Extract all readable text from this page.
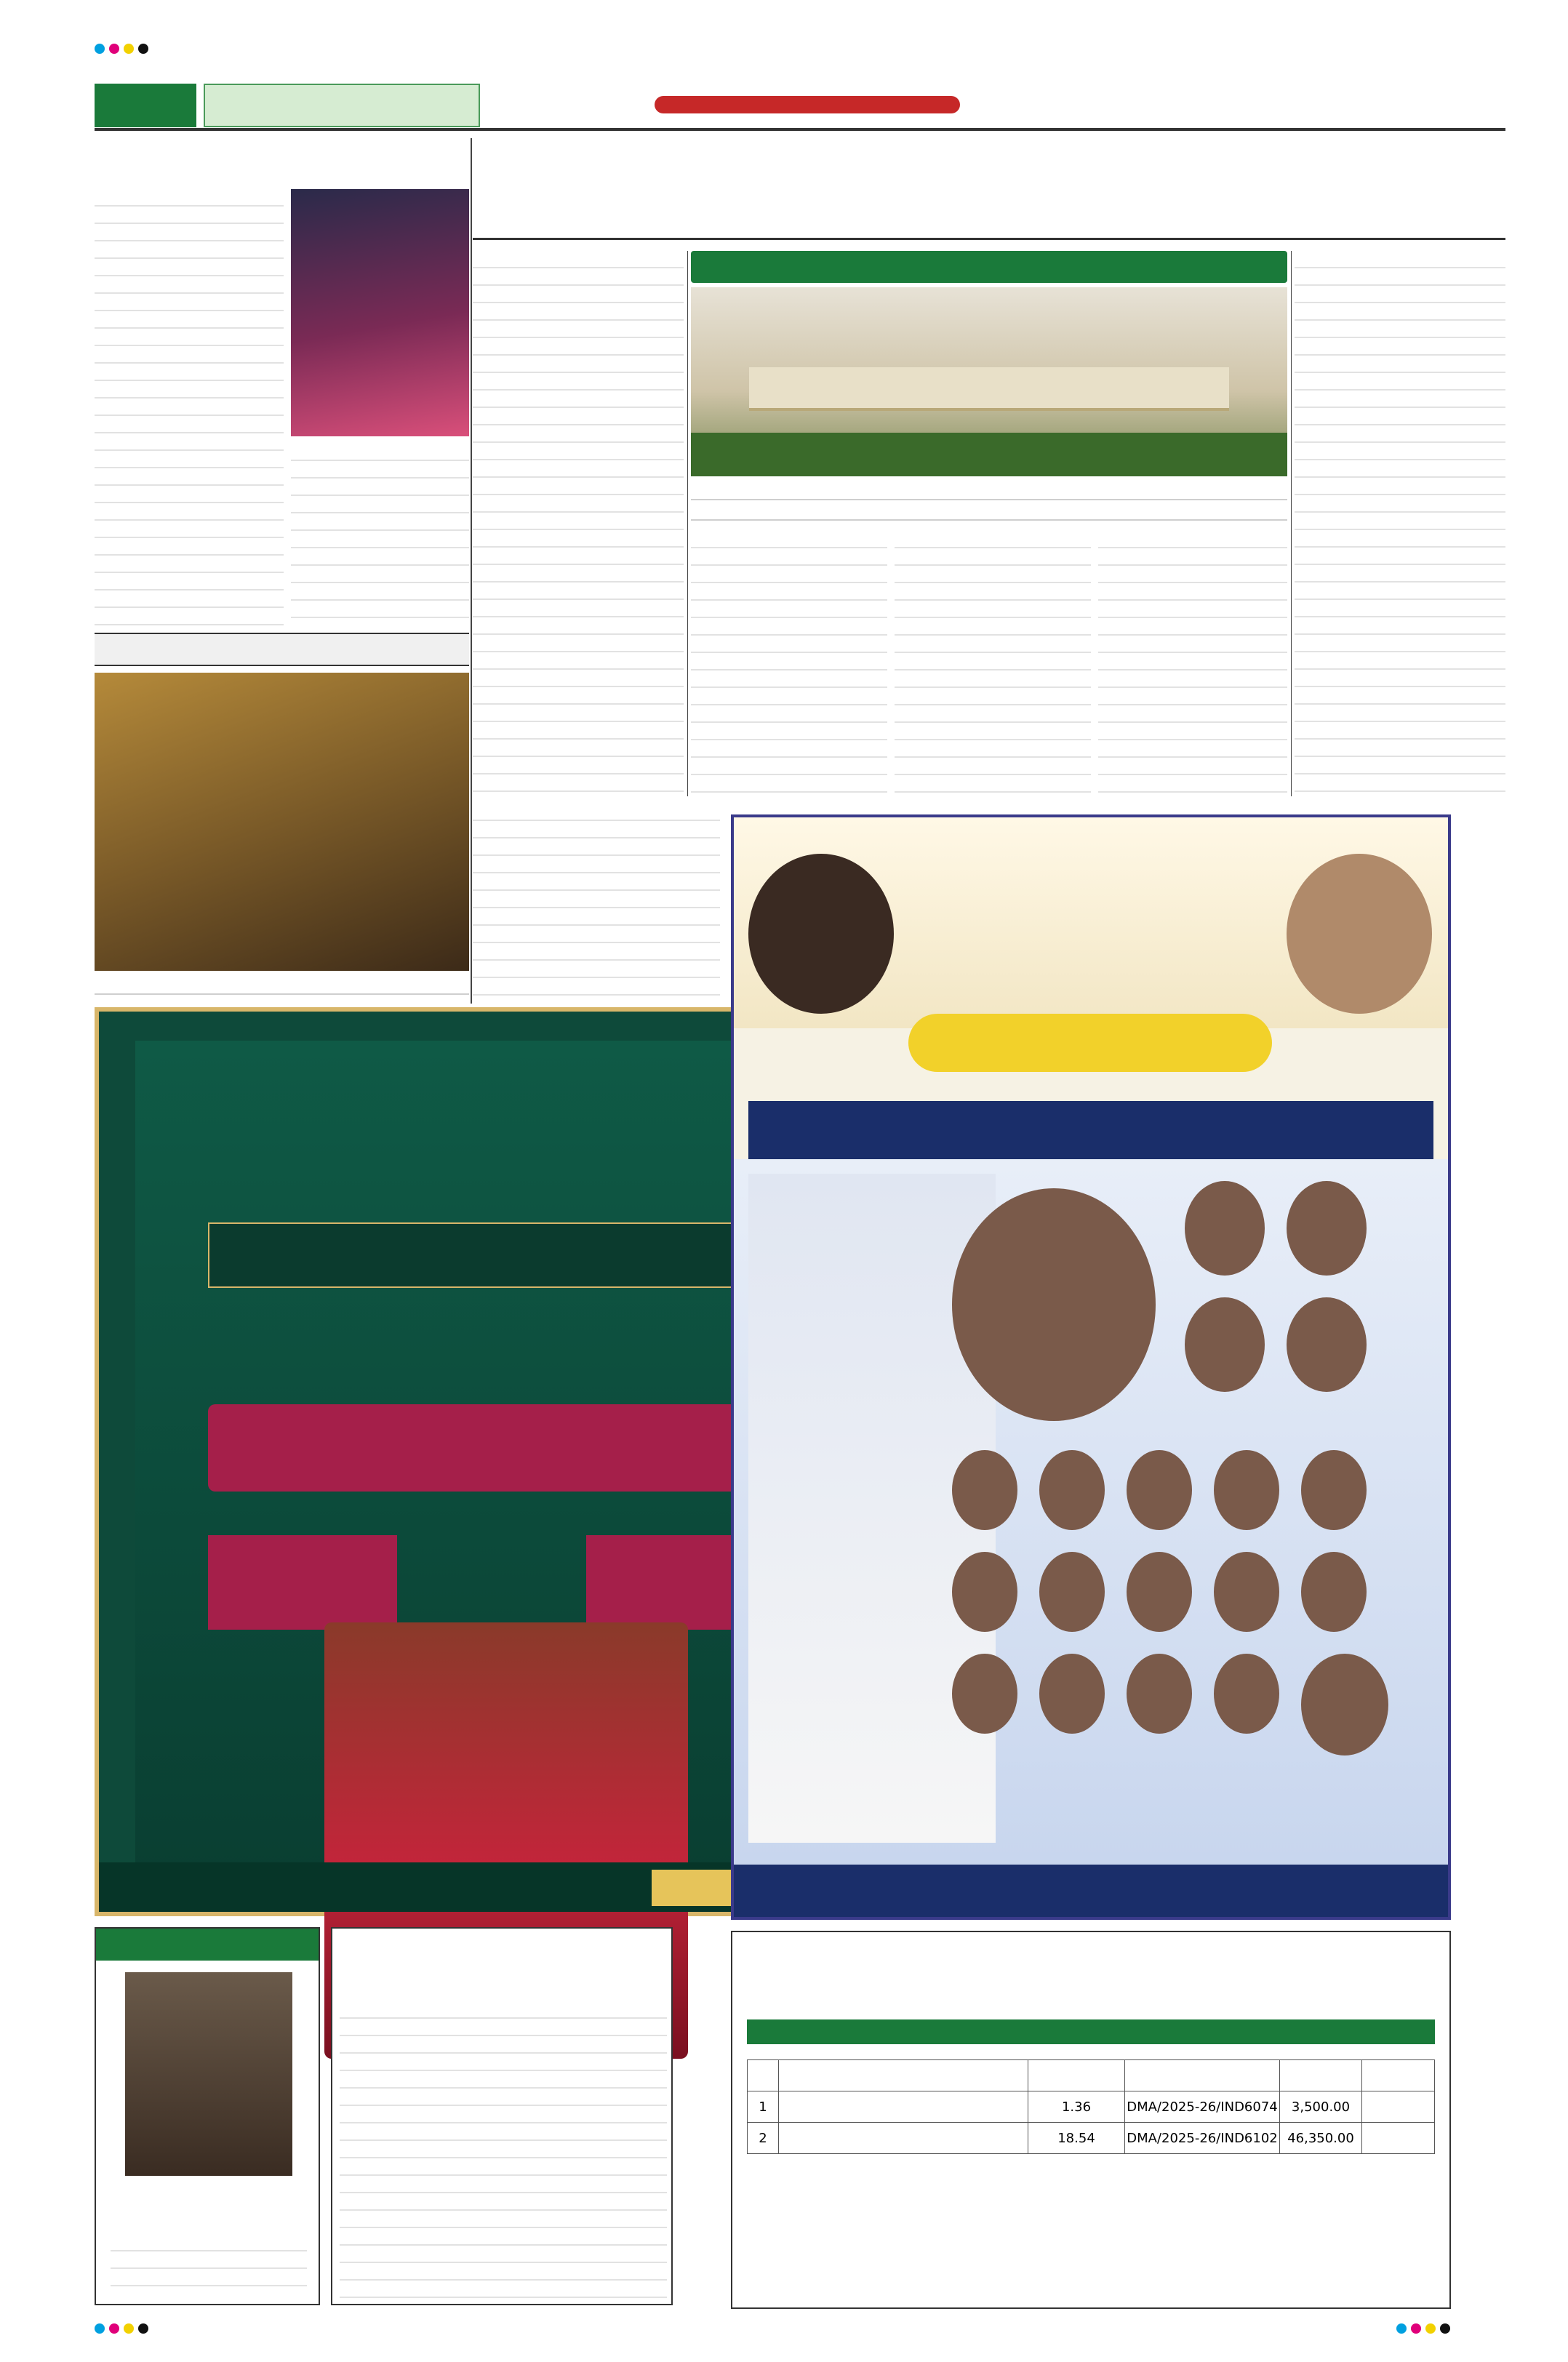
1		1.36	DMA/2025-26/IND6074	3,500.00	
2		18.54	DMA/2025-26/IND6102	46,350.00	
